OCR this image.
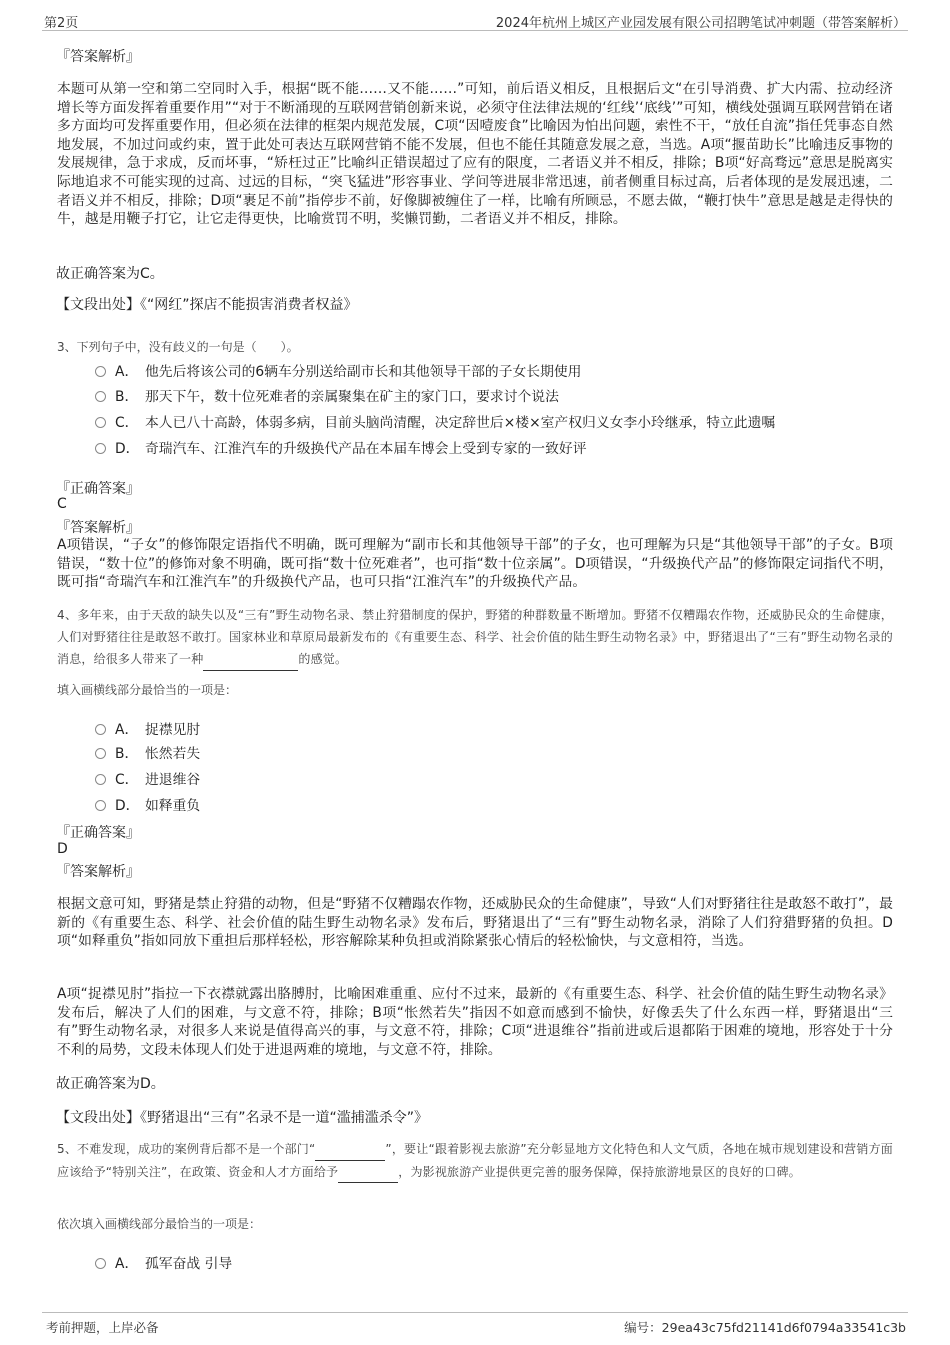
第2页	2024年杭州上城区产业园发展有限公司招聘笔试冲刺题（带答案解析）
『答案解析』

本题可从第一空和第二空同时入手，根据“既不能……又不能……”可知，前后语义相反，且根据后文“在引导消费、扩大内需、拉动经济增长等方面发挥着重要作用”“对于不断涌现的互联网营销创新来说，必须守住法律法规的‘红线’‘底线’”可知，横线处强调互联网营销在诸多方面均可发挥重要作用，但必须在法律的框架内规范发展，C项“因噎废食”比喻因为怕出问题，索性不干，“放任自流”指任凭事态自然地发展，不加过问或约束，置于此处可表达互联网营销不能不发展，但也不能任其随意发展之意，当选。A项“揠苗助长”比喻违反事物的发展规律，急于求成，反而坏事，“矫枉过正”比喻纠正错误超过了应有的限度，二者语义并不相反，排除；B项“好高骛远”意思是脱离实际地追求不可能实现的过高、过远的目标，“突飞猛进”形容事业、学问等进展非常迅速，前者侧重目标过高，后者体现的是发展迅速，二者语义并不相反，排除；D项“裹足不前”指停步不前，好像脚被缠住了一样，比喻有所顾忌，不愿去做，“鞭打快牛”意思是越是走得快的牛，越是用鞭子打它，让它走得更快，比喻赏罚不明，奖懒罚勤，二者语义并不相反，排除。

故正确答案为C。
【文段出处】《“网红”探店不能损害消费者权益》
3、下列句子中，没有歧义的一句是（　　）。
A． 他先后将该公司的6辆车分别送给副市长和其他领导干部的子女长期使用
B． 那天下午，数十位死难者的亲属聚集在矿主的家门口，要求讨个说法
C． 本人已八十高龄，体弱多病，目前头脑尚清醒，决定辞世后×楼×室产权归义女李小玲继承，特立此遗嘱
D． 奇瑞汽车、江淮汽车的升级换代产品在本届车博会上受到专家的一致好评
『正确答案』
C
『答案解析』

A项错误，“子女”的修饰限定语指代不明确，既可理解为“副市长和其他领导干部”的子女，也可理解为只是“其他领导干部”的子女。B项错误，“数十位”的修饰对象不明确，既可指“数十位死难者”，也可指“数十位亲属”。D项错误，“升级换代产品”的修饰限定词指代不明，既可指“奇瑞汽车和江淮汽车”的升级换代产品，也可只指“江淮汽车”的升级换代产品。

4、多年来，由于天敌的缺失以及“三有”野生动物名录、禁止狩猎制度的保护，野猪的种群数量不断增加。野猪不仅糟蹋农作物，还威胁民众的生命健康，人们对野猪往往是敢怒不敢打。国家林业和草原局最新发布的《有重要生态、科学、社会价值的陆生野生动物名录》中，野猪退出了“三有”野生动物名录的消息，给很多人带来了一种	的感觉。

填入画横线部分最恰当的一项是：
A． 捉襟见肘
B． 怅然若失
C． 进退维谷
D． 如释重负
『正确答案』
D
『答案解析』

根据文意可知，野猪是禁止狩猎的动物，但是“野猪不仅糟蹋农作物，还威胁民众的生命健康”，导致“人们对野猪往往是敢怒不敢打”，最新的《有重要生态、科学、社会价值的陆生野生动物名录》发布后，野猪退出了“三有”野生动物名录，消除了人们狩猎野猪的负担。D项“如释重负”指如同放下重担后那样轻松，形容解除某种负担或消除紧张心情后的轻松愉快，与文意相符，当选。

A项“捉襟见肘”指拉一下衣襟就露出胳膊肘，比喻困难重重、应付不过来，最新的《有重要生态、科学、社会价值的陆生野生动物名录》发布后，解决了人们的困难，与文意不符，排除；B项“怅然若失”指因不如意而感到不愉快，好像丢失了什么东西一样，野猪退出“三有”野生动物名录，对很多人来说是值得高兴的事，与文意不符，排除；C项“进退维谷”指前进或后退都陷于困难的境地，形容处于十分不利的局势，文段未体现人们处于进退两难的境地，与文意不符，排除。

故正确答案为D。
【文段出处】《野猪退出“三有”名录不是一道“滥捕滥杀令”》

5、不难发现，成功的案例背后都不是一个部门“	”，要让“跟着影视去旅游”充分彰显地方文化特色和人文气质，各地在城市规划建设和营销方面应该给予“特别关注”，在政策、资金和人才方面给予	，为影视旅游产业提供更完善的服务保障，保持旅游地景区的良好的口碑。

依次填入画横线部分最恰当的一项是：
A． 孤军奋战 引导
考前押题，上岸必备	编号：29ea43c75fd21141d6f0794a33541c3b
